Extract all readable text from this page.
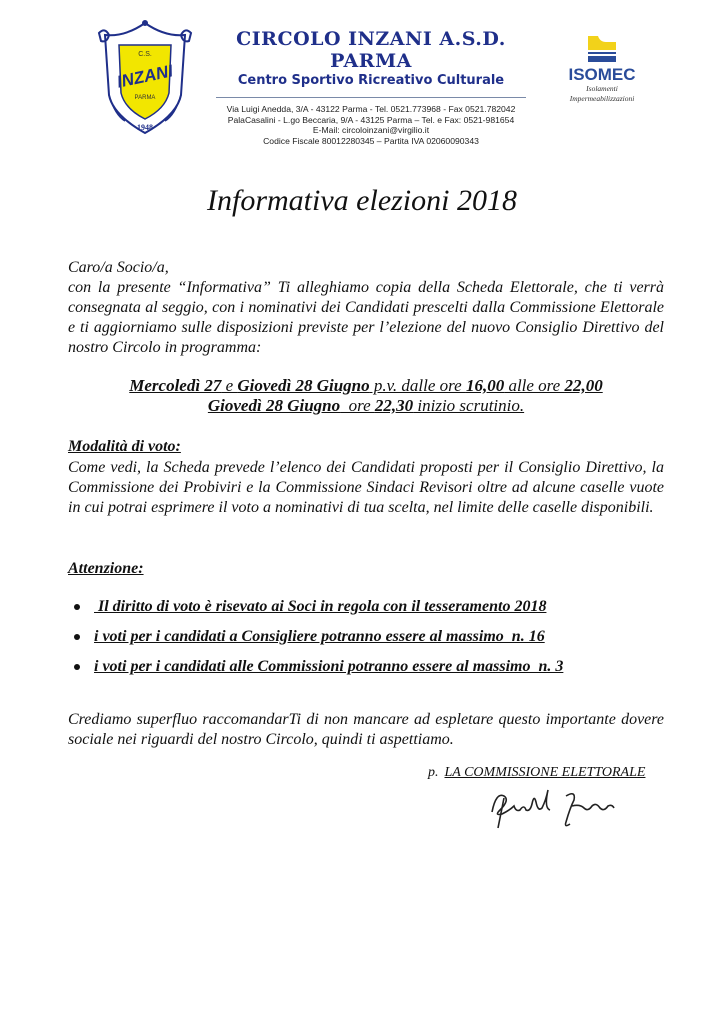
C.S.
INZANI
PARMA
1948
CIRCOLO INZANI A.S.D. PARMA
Centro Sportivo Ricreativo Culturale
Via Luigi Anedda, 3/A - 43122 Parma - Tel. 0521.773968 - Fax 0521.782042
PalaCasalini - L.go Beccaria, 9/A - 43125 Parma – Tel. e Fax: 0521-981654
E-Mail: circoloinzani@virgilio.it
Codice Fiscale 80012280345 – Partita IVA 02060090343
ISOMEC
Isolamenti
Impermeabilizzazioni
Informativa elezioni 2018
Caro/a Socio/a,
con la presente “Informativa” Ti alleghiamo copia della Scheda Elettorale, che ti verrà consegnata al seggio, con i nominativi dei Candidati prescelti dalla Commissione Elettorale e ti aggiorniamo sulle disposizioni previste per l’elezione del nuovo Consiglio Direttivo del nostro Circolo in programma:
Mercoledì 27 e Giovedì 28 Giugno p.v. dalle ore 16,00 alle ore 22,00
Giovedì 28 Giugno  ore 22,30 inizio scrutinio.
Modalità di voto:
Come vedi, la Scheda prevede l’elenco dei Candidati proposti per il Consiglio Direttivo, la Commissione dei Probiviri e la Commissione Sindaci Revisori oltre ad alcune caselle vuote in cui potrai esprimere il voto a nominativi di tua scelta, nel limite delle caselle disponibili.
Attenzione:
Il diritto di voto è risevato ai Soci in regola con il tesseramento 2018
i voti per i candidati a Consigliere potranno essere al massimo  n. 16
i voti per i candidati alle Commissioni potranno essere al massimo  n. 3
Crediamo superfluo raccomandarTi di non mancare ad espletare questo importante dovere sociale nei riguardi del nostro Circolo, quindi ti aspettiamo.
p. LA COMMISSIONE ELETTORALE
